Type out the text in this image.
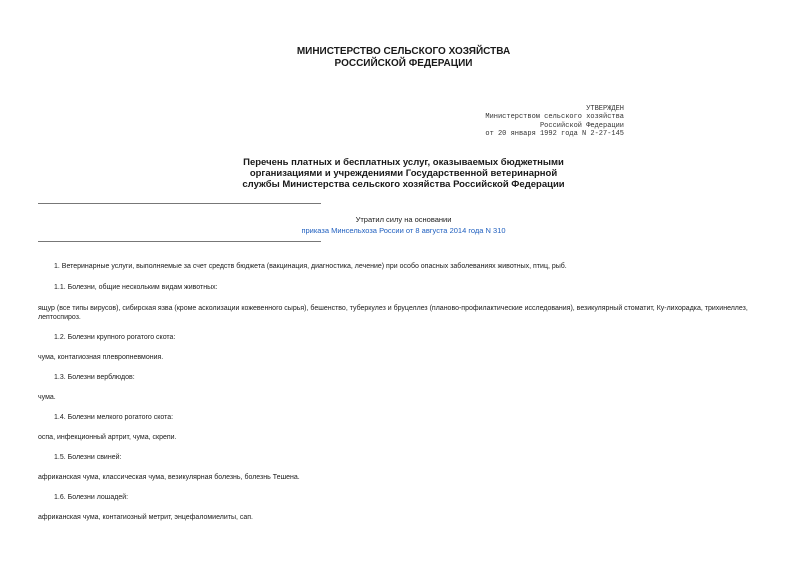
МИНИСТЕРСТВО СЕЛЬСКОГО ХОЗЯЙСТВА
РОССИЙСКОЙ ФЕДЕРАЦИИ
УТВЕРЖДЕН
Министерством сельского хозяйства
Российской Федерации
от 20 января 1992 года N 2-27-145
Перечень платных и бесплатных услуг, оказываемых бюджетными
организациями и учреждениями Государственной ветеринарной
службы Министерства сельского хозяйства Российской Федерации
Утратил силу на основании
приказа Минсельхоза России от 8 августа 2014 года N 310

1. Ветеринарные услуги, выполняемые за счет средств бюджета (вакцинация, диагностика, лечение) при особо опасных заболеваниях животных, птиц, рыб.

1.1. Болезни, общие нескольким видам животных:

ящур (все типы вирусов), сибирская язва (кроме асколизации кожевенного сырья), бешенство, туберкулез и бруцеллез (планово-профилактические исследования), везикулярный стоматит, Ку-лихорадка, трихинеллез, лептоспироз.

1.2. Болезни крупного рогатого скота:

чума, контагиозная плевропневмония.

1.3. Болезни верблюдов:

чума.

1.4. Болезни мелкого рогатого скота:

оспа, инфекционный артрит, чума, скрепи.

1.5. Болезни свиней:

африканская чума, классическая чума, везикулярная болезнь, болезнь Тешена.

1.6. Болезни лошадей:

африканская чума, контагиозный метрит, энцефаломиелиты, сап.
